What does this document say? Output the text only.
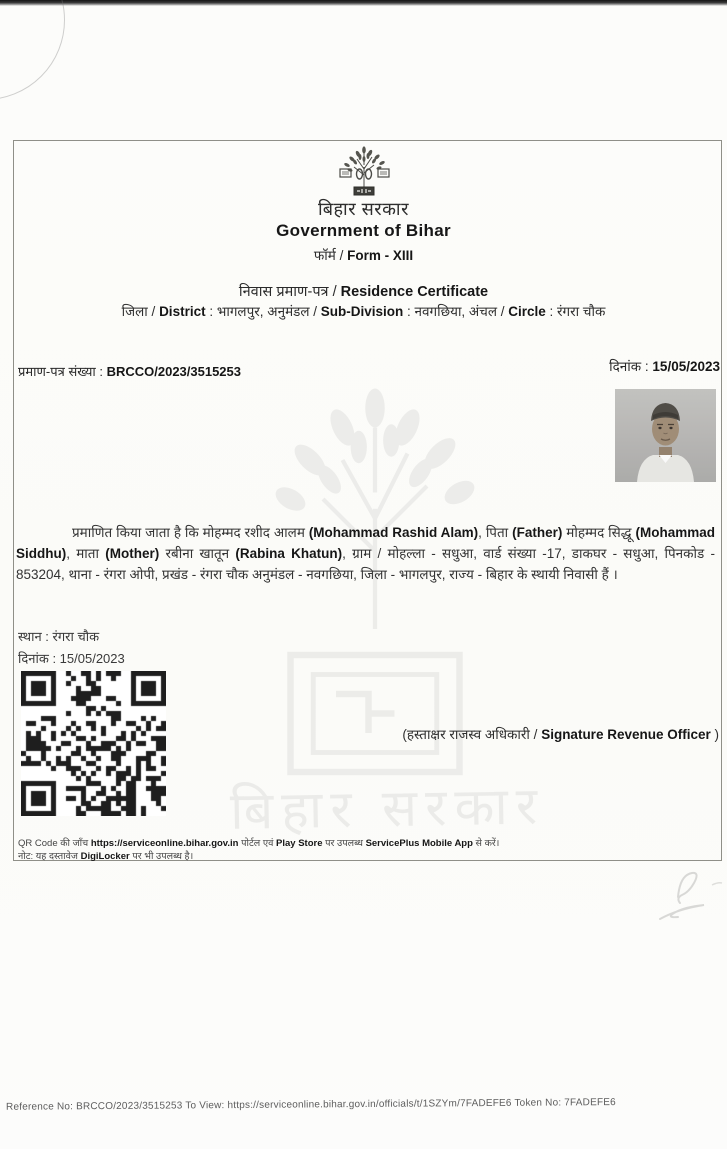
बिहार सरकार
बिहार सरकार
Government of Bihar
फॉर्म / Form - XIII
निवास प्रमाण-पत्र / Residence Certificate
जिला / District : भागलपुर, अनुमंडल / Sub-Division : नवगछिया, अंचल / Circle : रंगरा चौक
प्रमाण-पत्र संख्या : BRCCO/2023/3515253	दिनांक : 15/05/2023
प्रमाणित किया जाता है कि मोहम्मद रशीद आलम (Mohammad Rashid Alam), पिता (Father) मोहम्मद सिद्धू (Mohammad Siddhu), माता (Mother) रबीना खातून (Rabina Khatun), ग्राम / मोहल्ला - सधुआ, वार्ड संख्या -17, डाकघर - सधुआ, पिनकोड - 853204, थाना - रंगरा ओपी, प्रखंड - रंगरा चौक अनुमंडल - नवगछिया, जिला - भागलपुर, राज्य - बिहार के स्थायी निवासी हैं ।
स्थान : रंगरा चौक
दिनांक : 15/05/2023
(हस्ताक्षर राजस्व अधिकारी / Signature Revenue Officer )
QR Code की जाँच https://serviceonline.bihar.gov.in पोर्टल एवं Play Store पर उपलब्ध ServicePlus Mobile App से करें।
नोट: यह दस्तावेज DigiLocker पर भी उपलब्ध है।
Reference No: BRCCO/2023/3515253 To View: https://serviceonline.bihar.gov.in/officials/t/1SZYm/7FADEFE6 Token No: 7FADEFE6
